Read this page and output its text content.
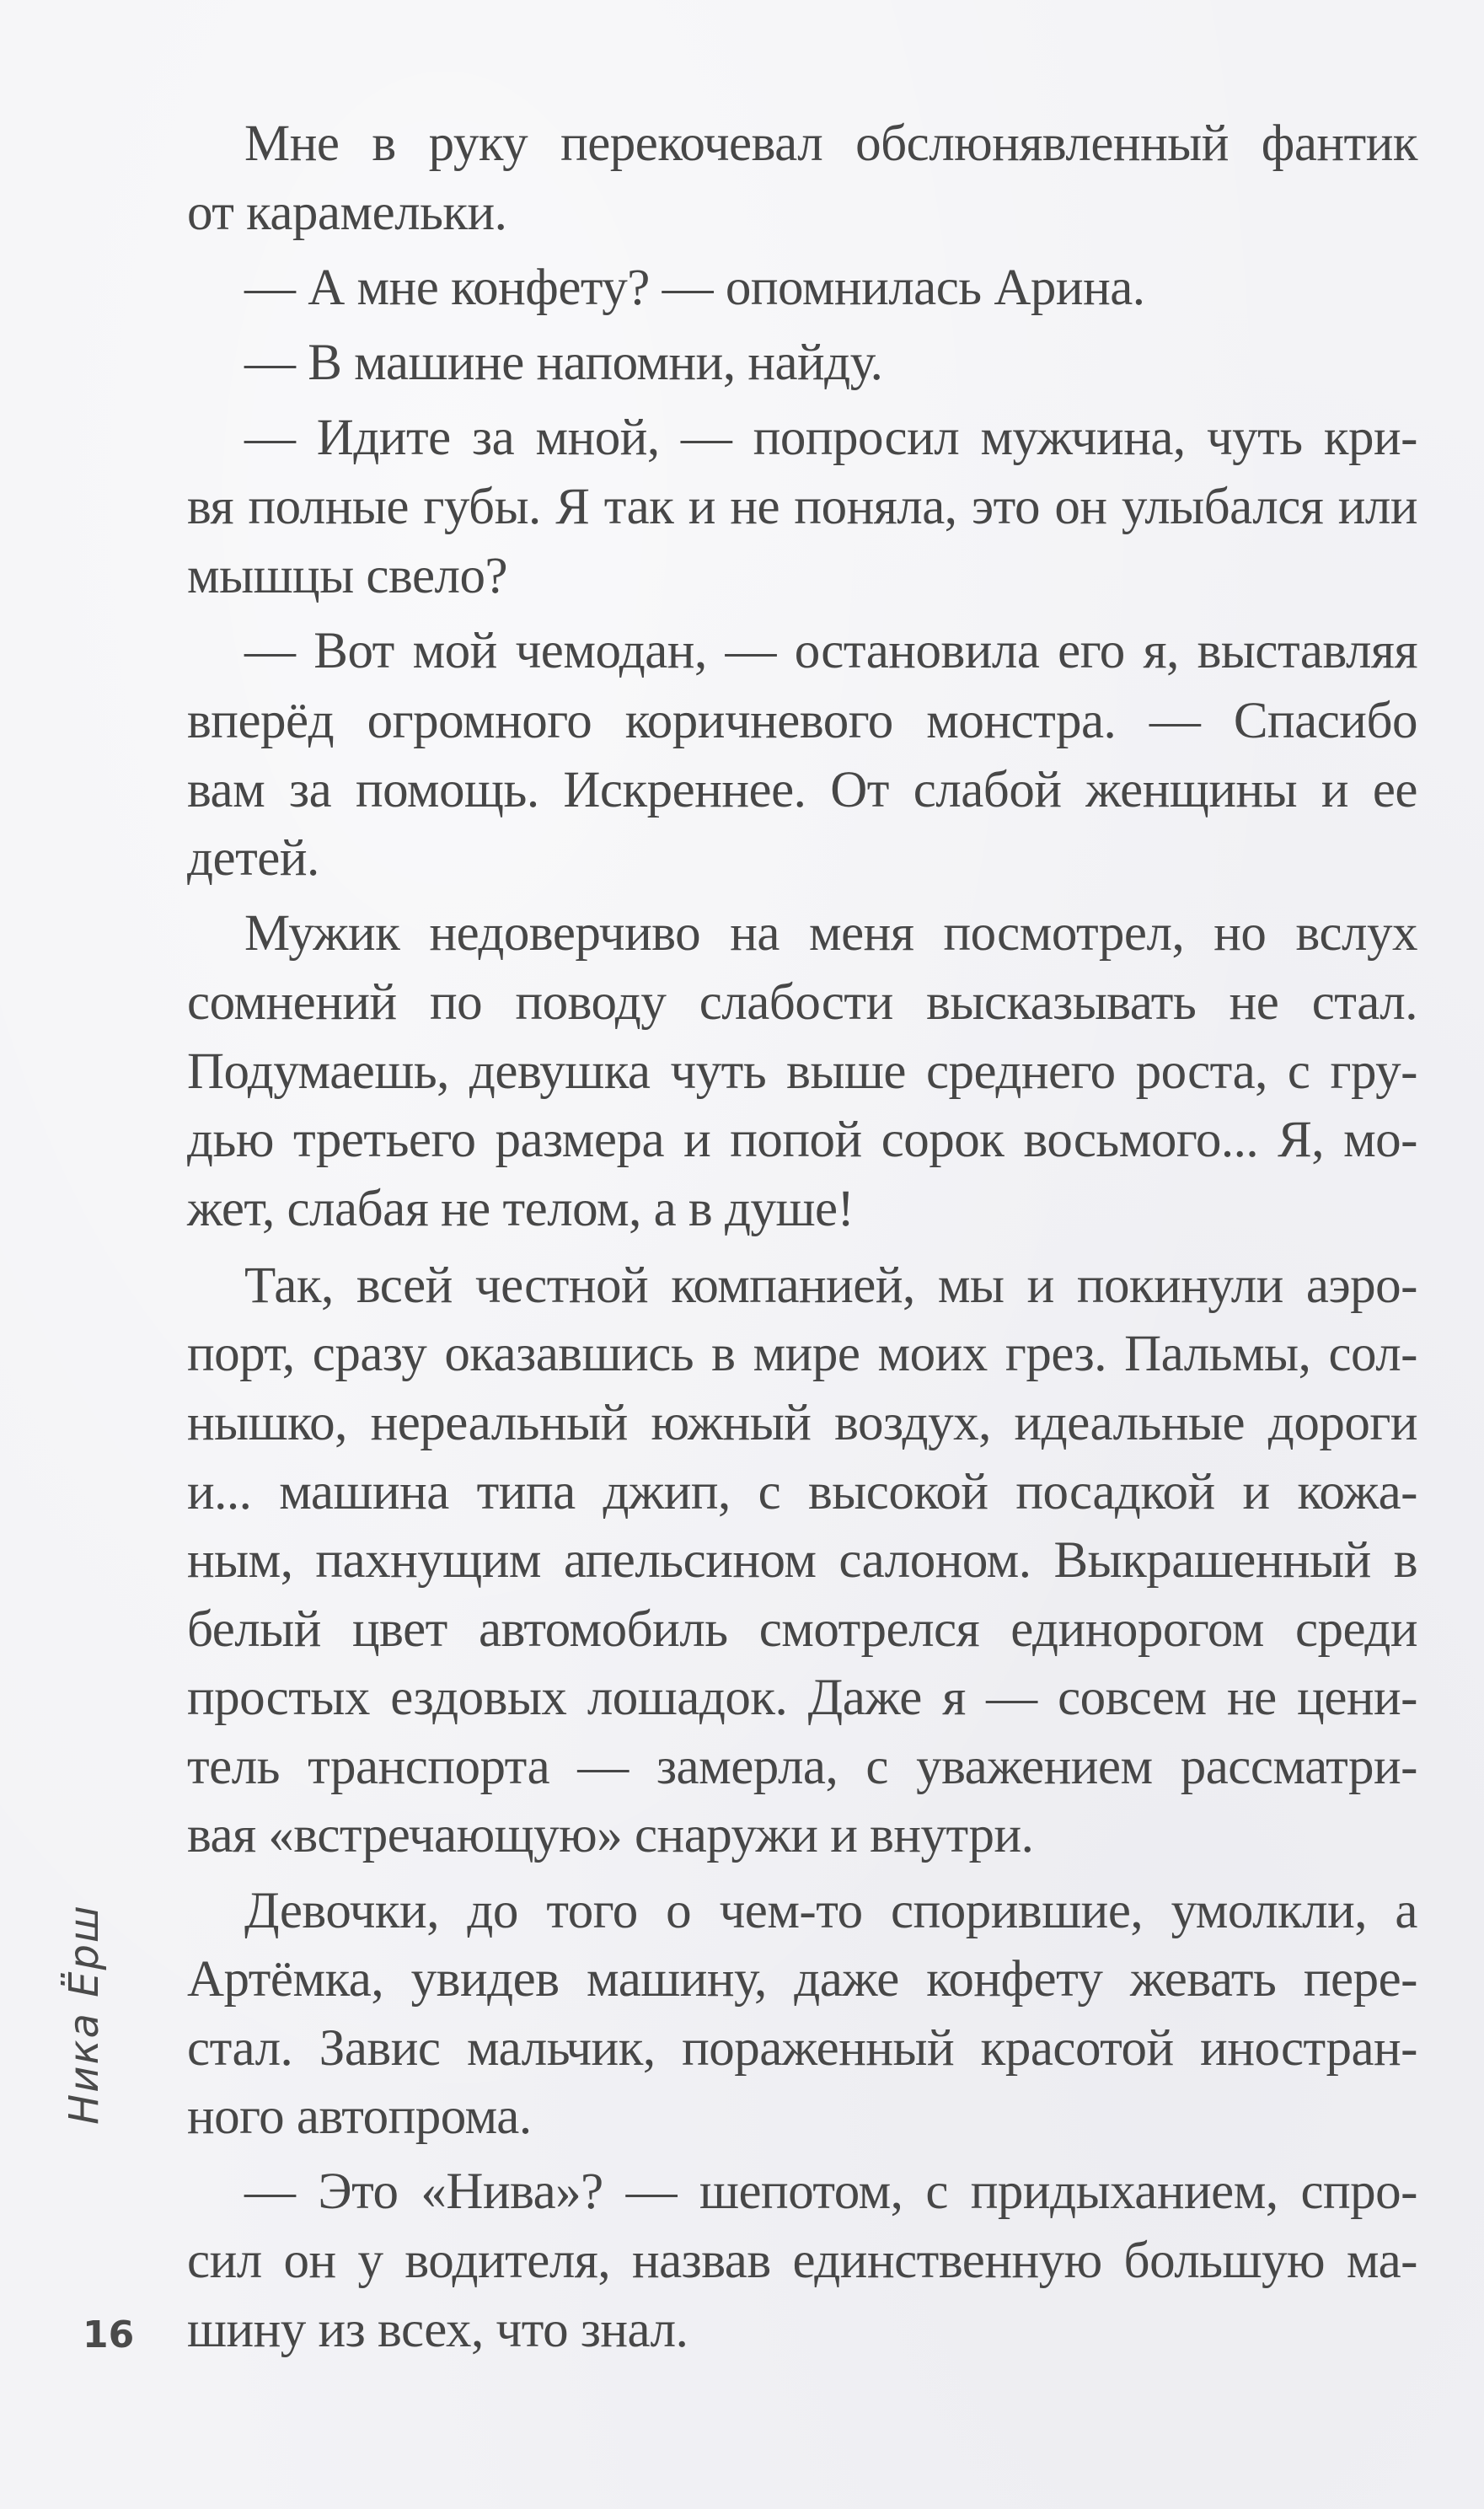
Мне в руку перекочевал обслюнявленный фантик
от карамельки.
— А мне конфету? — опомнилась Арина.
— В машине напомни, найду.
— Идите за мной, — попросил мужчина, чуть кри-
вя полные губы. Я так и не поняла, это он улыбался или
мышцы свело?
— Вот мой чемодан, — остановила его я, выставляя
вперёд огромного коричневого монстра. — Спасибо
вам за помощь. Искреннее. От слабой женщины и ее
детей.
Мужик недоверчиво на меня посмотрел, но вслух
сомнений по поводу слабости высказывать не стал.
Подумаешь, девушка чуть выше среднего роста, с гру-
дью третьего размера и попой сорок восьмого... Я, мо-
жет, слабая не телом, а в душе!
Так, всей честной компанией, мы и покинули аэро-
порт, сразу оказавшись в мире моих грез. Пальмы, сол-
нышко, нереальный южный воздух, идеальные дороги
и... машина типа джип, с высокой посадкой и кожа-
ным, пахнущим апельсином салоном. Выкрашенный в
белый цвет автомобиль смотрелся единорогом среди
простых ездовых лошадок. Даже я — совсем не цени-
тель транспорта — замерла, с уважением рассматри-
вая «встречающую» снаружи и внутри.
Девочки, до того о чем-то спорившие, умолкли, а
Артёмка, увидев машину, даже конфету жевать пере-
стал. Завис мальчик, пораженный красотой иностран-
ного автопрома.
— Это «Нива»? — шепотом, с придыханием, спро-
сил он у водителя, назвав единственную большую ма-
шину из всех, что знал.
Ника Ёрш
16
